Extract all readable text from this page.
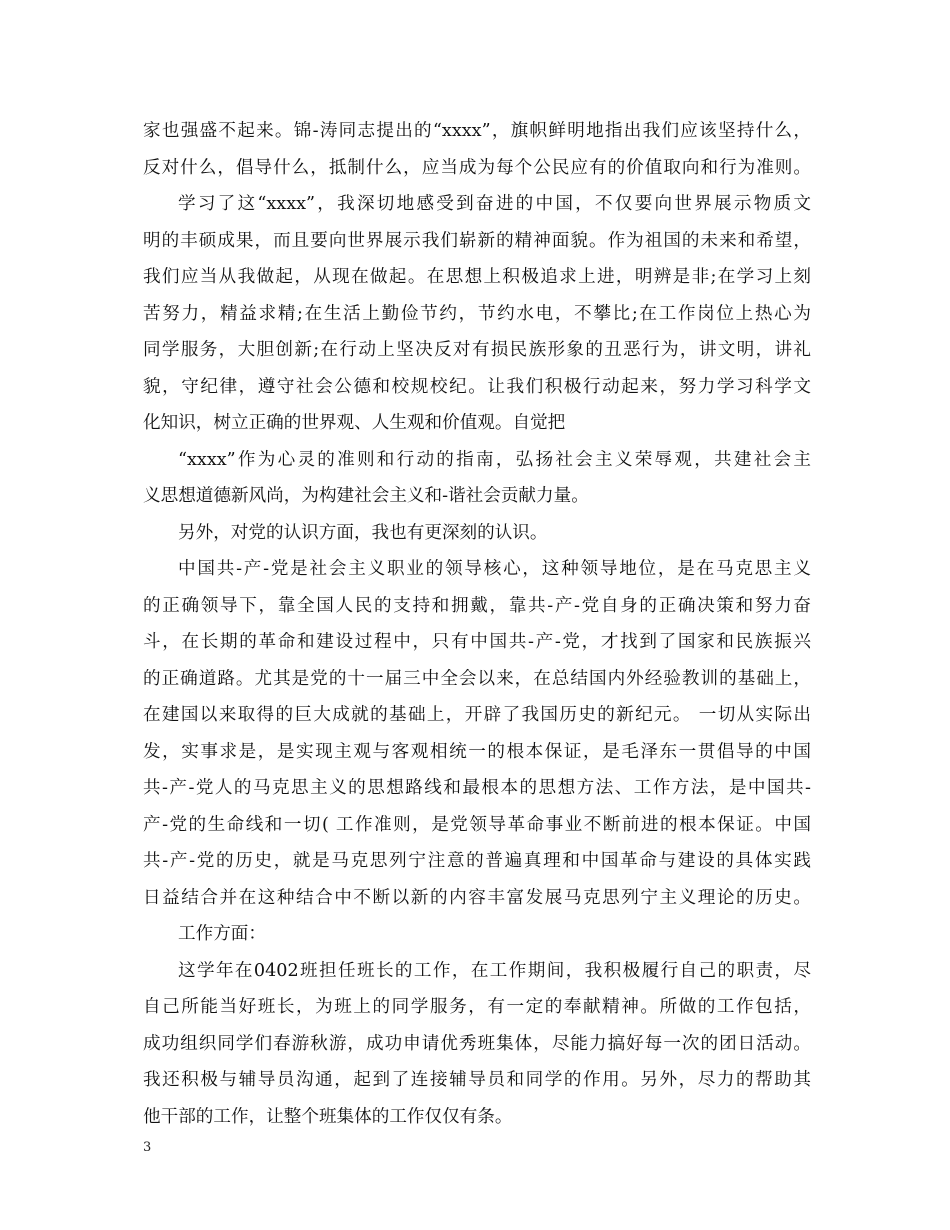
家也强盛不起来。锦-涛同志提出的“xxxx”，旗帜鲜明地指出我们应该坚持什么，
反对什么，倡导什么，抵制什么，应当成为每个公民应有的价值取向和行为准则。
学习了这“xxxx”，我深切地感受到奋进的中国，不仅要向世界展示物质文
明的丰硕成果，而且要向世界展示我们崭新的精神面貌。作为祖国的未来和希望，
我们应当从我做起，从现在做起。在思想上积极追求上进，明辨是非;在学习上刻
苦努力，精益求精;在生活上勤俭节约，节约水电，不攀比;在工作岗位上热心为
同学服务，大胆创新;在行动上坚决反对有损民族形象的丑恶行为，讲文明，讲礼
貌，守纪律，遵守社会公德和校规校纪。让我们积极行动起来，努力学习科学文
化知识，树立正确的世界观、人生观和价值观。自觉把
“xxxx”作为心灵的准则和行动的指南，弘扬社会主义荣辱观，共建社会主
义思想道德新风尚，为构建社会主义和-谐社会贡献力量。
另外，对党的认识方面，我也有更深刻的认识。
中国共-产-党是社会主义职业的领导核心，这种领导地位，是在马克思主义
的正确领导下，靠全国人民的支持和拥戴，靠共-产-党自身的正确决策和努力奋
斗，在长期的革命和建设过程中，只有中国共-产-党，才找到了国家和民族振兴
的正确道路。尤其是党的十一届三中全会以来，在总结国内外经验教训的基础上，
在建国以来取得的巨大成就的基础上，开辟了我国历史的新纪元。 一切从实际出
发，实事求是，是实现主观与客观相统一的根本保证，是毛泽东一贯倡导的中国
共-产-党人的马克思主义的思想路线和最根本的思想方法、工作方法，是中国共-
产-党的生命线和一切( 工作准则，是党领导革命事业不断前进的根本保证。中国
共-产-党的历史，就是马克思列宁注意的普遍真理和中国革命与建设的具体实践
日益结合并在这种结合中不断以新的内容丰富发展马克思列宁主义理论的历史。
工作方面：
这学年在0402班担任班长的工作，在工作期间，我积极履行自己的职责，尽
自己所能当好班长，为班上的同学服务，有一定的奉献精神。所做的工作包括，
成功组织同学们春游秋游，成功申请优秀班集体，尽能力搞好每一次的团日活动。
我还积极与辅导员沟通，起到了连接辅导员和同学的作用。另外，尽力的帮助其
他干部的工作，让整个班集体的工作仅仅有条。
3
